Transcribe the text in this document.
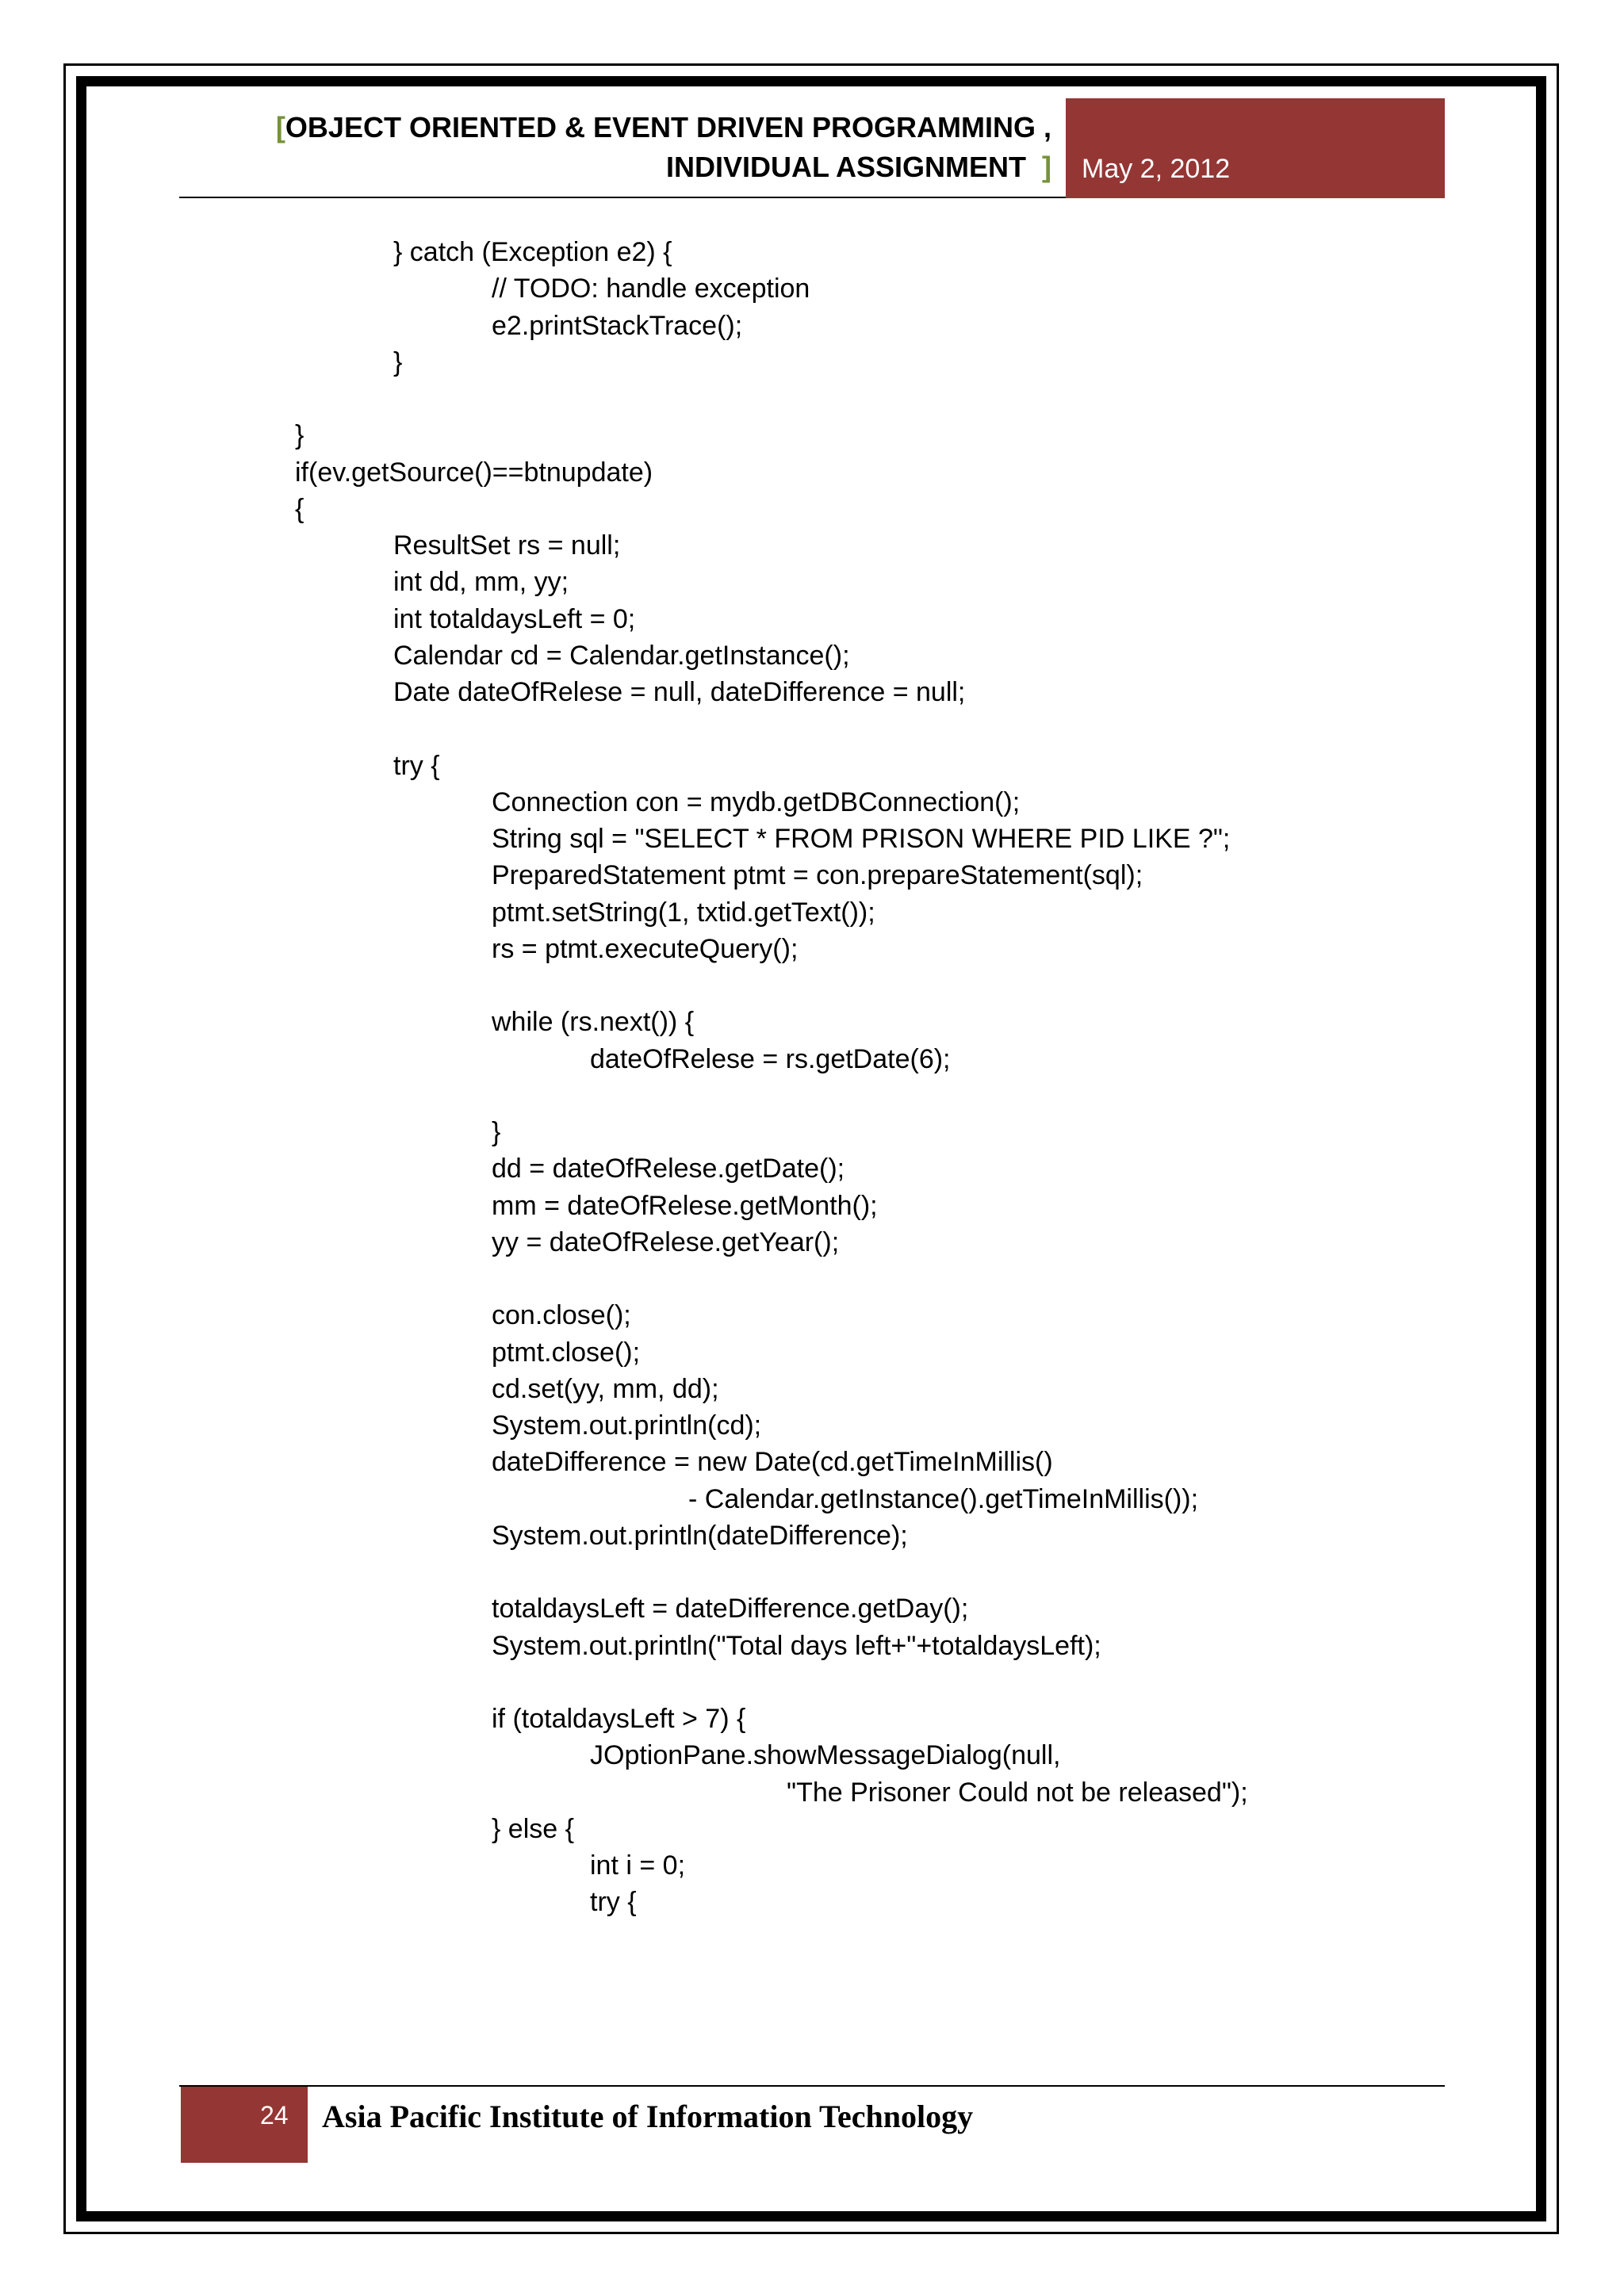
[OBJECT ORIENTED & EVENT DRIVEN PROGRAMMING ,
INDIVIDUAL ASSIGNMENT ] May 2, 2012
	} catch (Exception e2) {
		// TODO: handle exception
		e2.printStackTrace();
	}

}
if(ev.getSource()==btnupdate)
{
	ResultSet rs = null;
	int dd, mm, yy;
	int totaldaysLeft = 0;
	Calendar cd = Calendar.getInstance();
	Date dateOfRelese = null, dateDifference = null;

	try {
		Connection con = mydb.getDBConnection();
		String sql = "SELECT * FROM PRISON WHERE PID LIKE ?";
		PreparedStatement ptmt = con.prepareStatement(sql);
		ptmt.setString(1, txtid.getText());
		rs = ptmt.executeQuery();

		while (rs.next()) {
			dateOfRelese = rs.getDate(6);

		}
		dd = dateOfRelese.getDate();
		mm = dateOfRelese.getMonth();
		yy = dateOfRelese.getYear();

		con.close();
		ptmt.close();
		cd.set(yy, mm, dd);
		System.out.println(cd);
		dateDifference = new Date(cd.getTimeInMillis()
				- Calendar.getInstance().getTimeInMillis());
		System.out.println(dateDifference);

		totaldaysLeft = dateDifference.getDay();
		System.out.println("Total days left+"+totaldaysLeft);

		if (totaldaysLeft > 7) {
			JOptionPane.showMessageDialog(null,
					"The Prisoner Could not be released");
		} else {
			int i = 0;
			try {

24 Asia Pacific Institute of Information Technology
